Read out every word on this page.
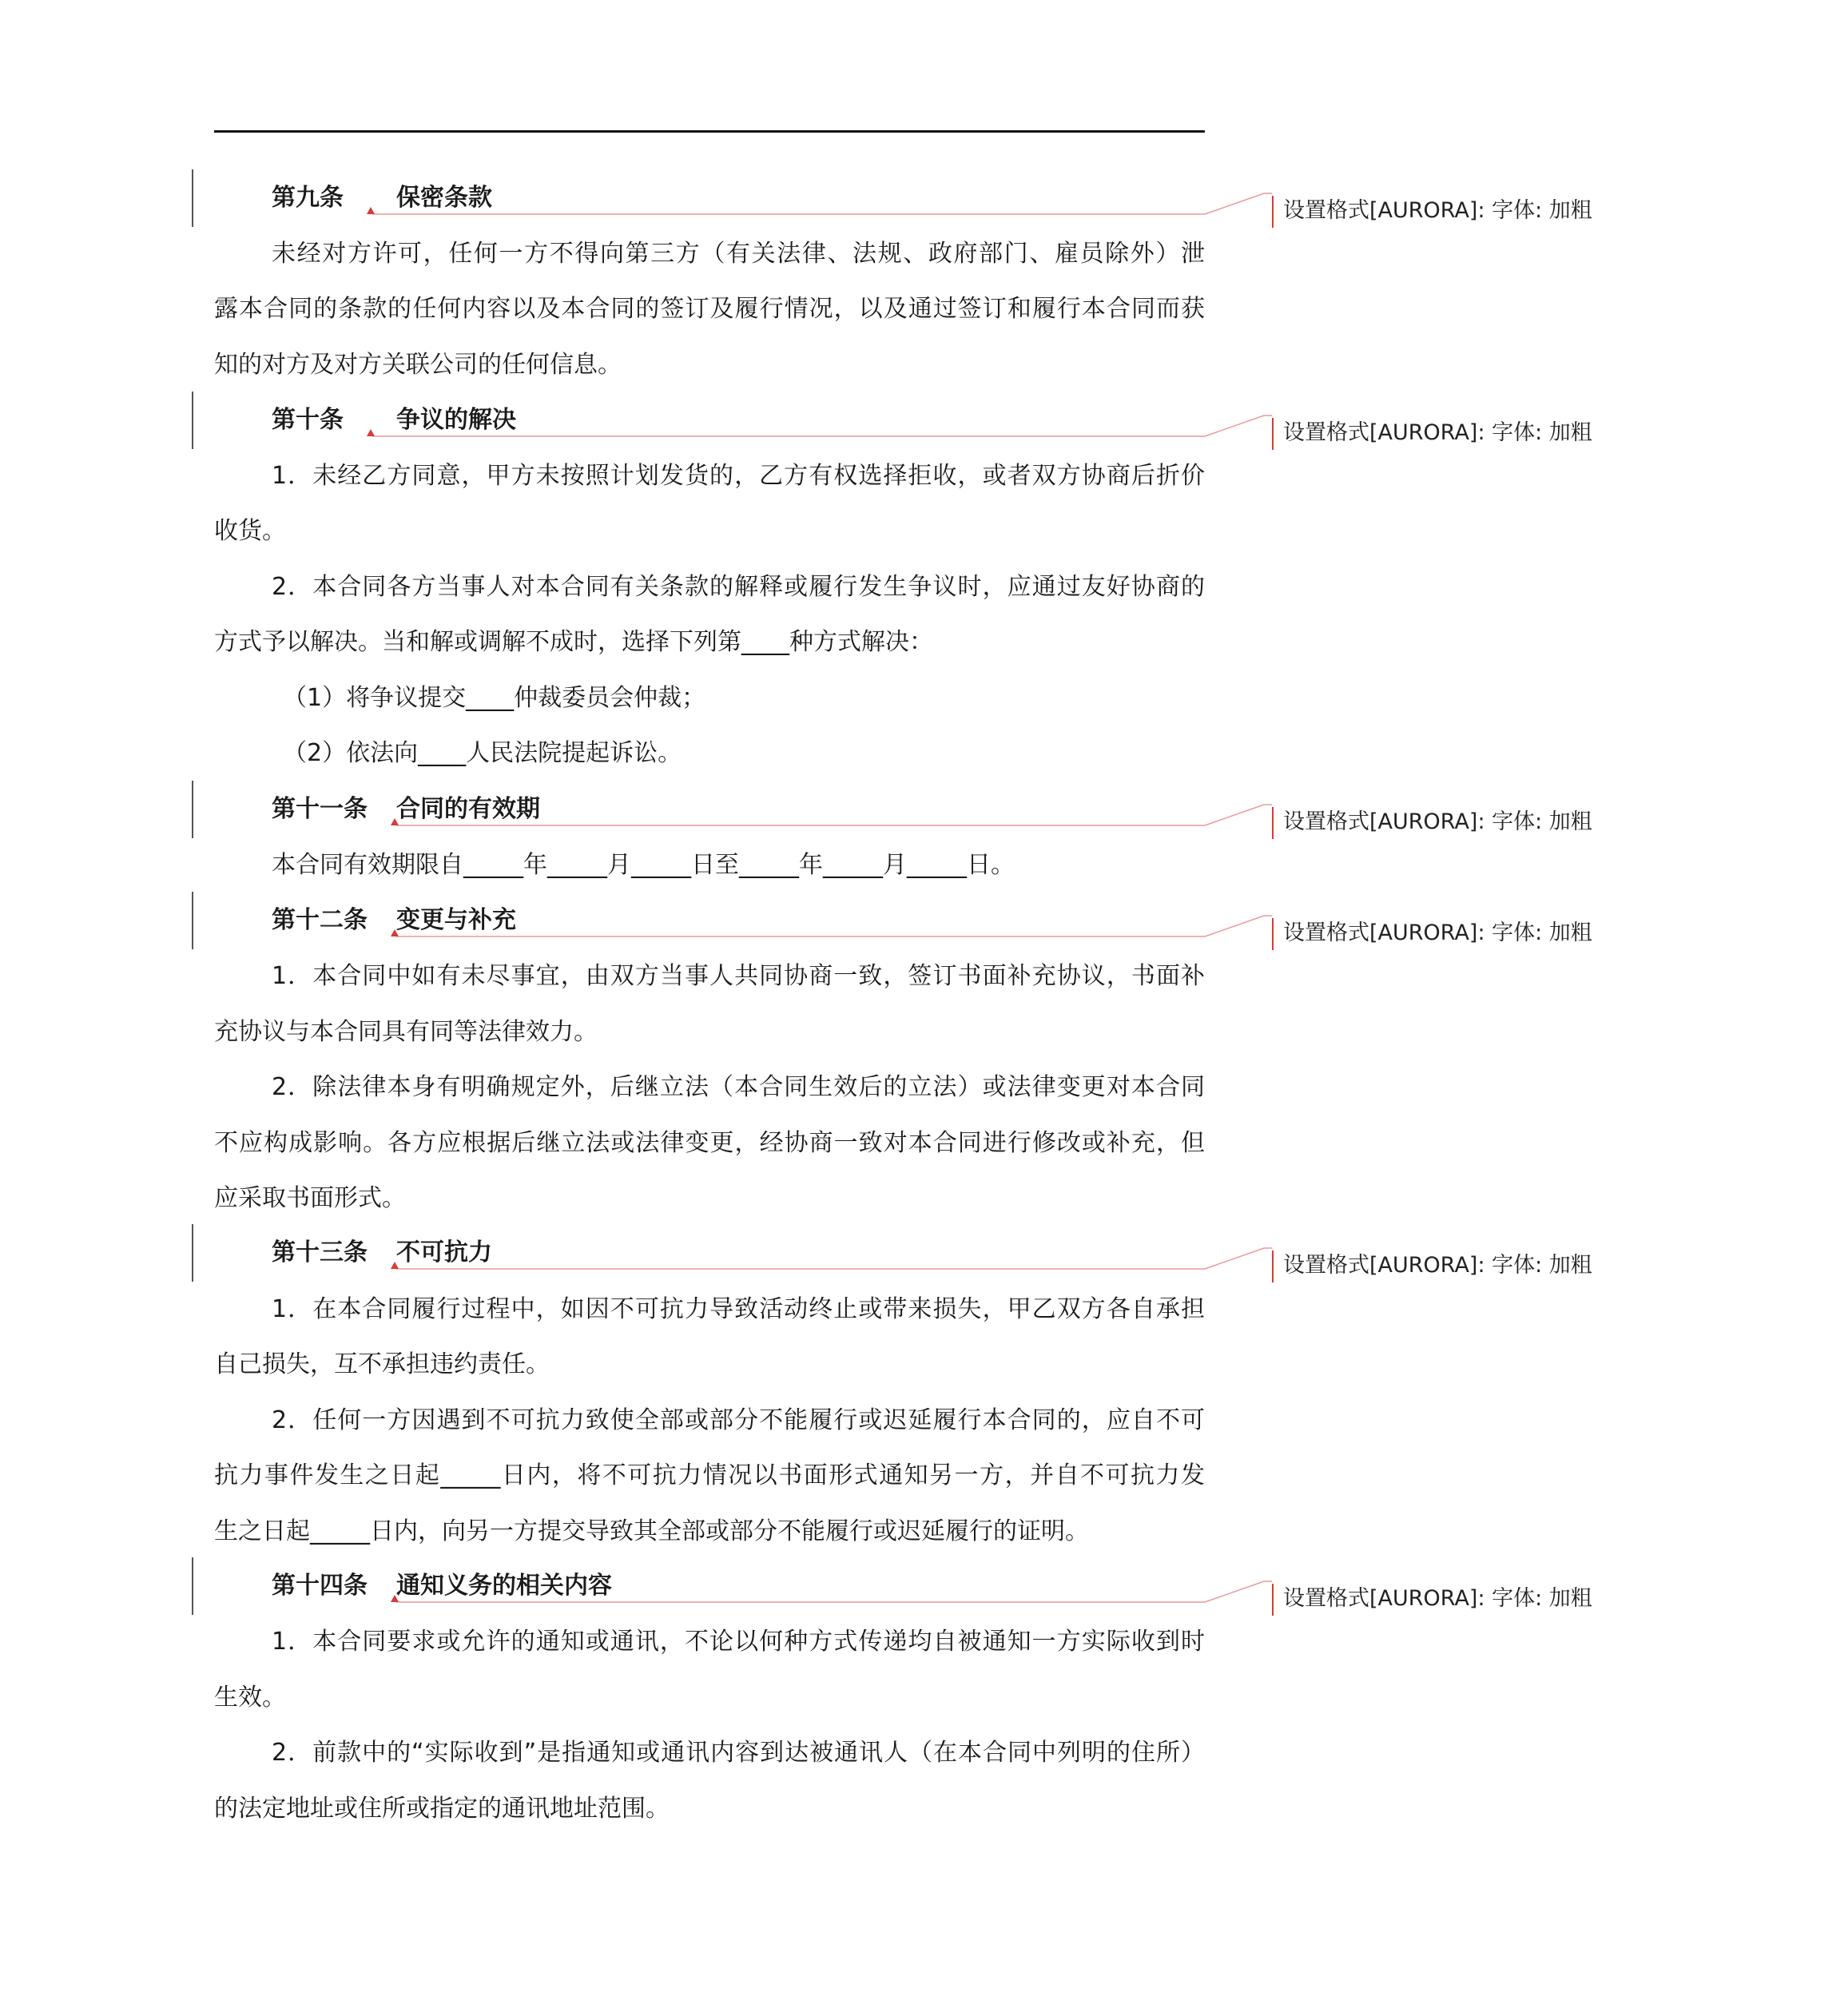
第九条 保密条款
未经对方许可，任何一方不得向第三方（有关法律、法规、政府部门、雇员除外）泄
露本合同的条款的任何内容以及本合同的签订及履行情况，以及通过签订和履行本合同而获
知的对方及对方关联公司的任何信息。
第十条 争议的解决
1．未经乙方同意，甲方未按照计划发货的，乙方有权选择拒收，或者双方协商后折价
收货。
2．本合同各方当事人对本合同有关条款的解释或履行发生争议时，应通过友好协商的
方式予以解决。当和解或调解不成时，选择下列第____种方式解决：
（1）将争议提交____仲裁委员会仲裁；
（2）依法向____人民法院提起诉讼。
第十一条 合同的有效期
本合同有效期限自_____年_____月_____日至_____年_____月_____日。
第十二条 变更与补充
1．本合同中如有未尽事宜，由双方当事人共同协商一致，签订书面补充协议，书面补
充协议与本合同具有同等法律效力。
2．除法律本身有明确规定外，后继立法（本合同生效后的立法）或法律变更对本合同
不应构成影响。各方应根据后继立法或法律变更，经协商一致对本合同进行修改或补充，但
应采取书面形式。
第十三条 不可抗力
1．在本合同履行过程中，如因不可抗力导致活动终止或带来损失，甲乙双方各自承担
自己损失，互不承担违约责任。
2．任何一方因遇到不可抗力致使全部或部分不能履行或迟延履行本合同的，应自不可
抗力事件发生之日起_____日内，将不可抗力情况以书面形式通知另一方，并自不可抗力发
生之日起_____日内，向另一方提交导致其全部或部分不能履行或迟延履行的证明。
第十四条 通知义务的相关内容
1．本合同要求或允许的通知或通讯，不论以何种方式传递均自被通知一方实际收到时
生效。
2．前款中的“实际收到”是指通知或通讯内容到达被通讯人（在本合同中列明的住所）
的法定地址或住所或指定的通讯地址范围。
设置格式[AURORA]: 字体: 加粗
设置格式[AURORA]: 字体: 加粗
设置格式[AURORA]: 字体: 加粗
设置格式[AURORA]: 字体: 加粗
设置格式[AURORA]: 字体: 加粗
设置格式[AURORA]: 字体: 加粗
